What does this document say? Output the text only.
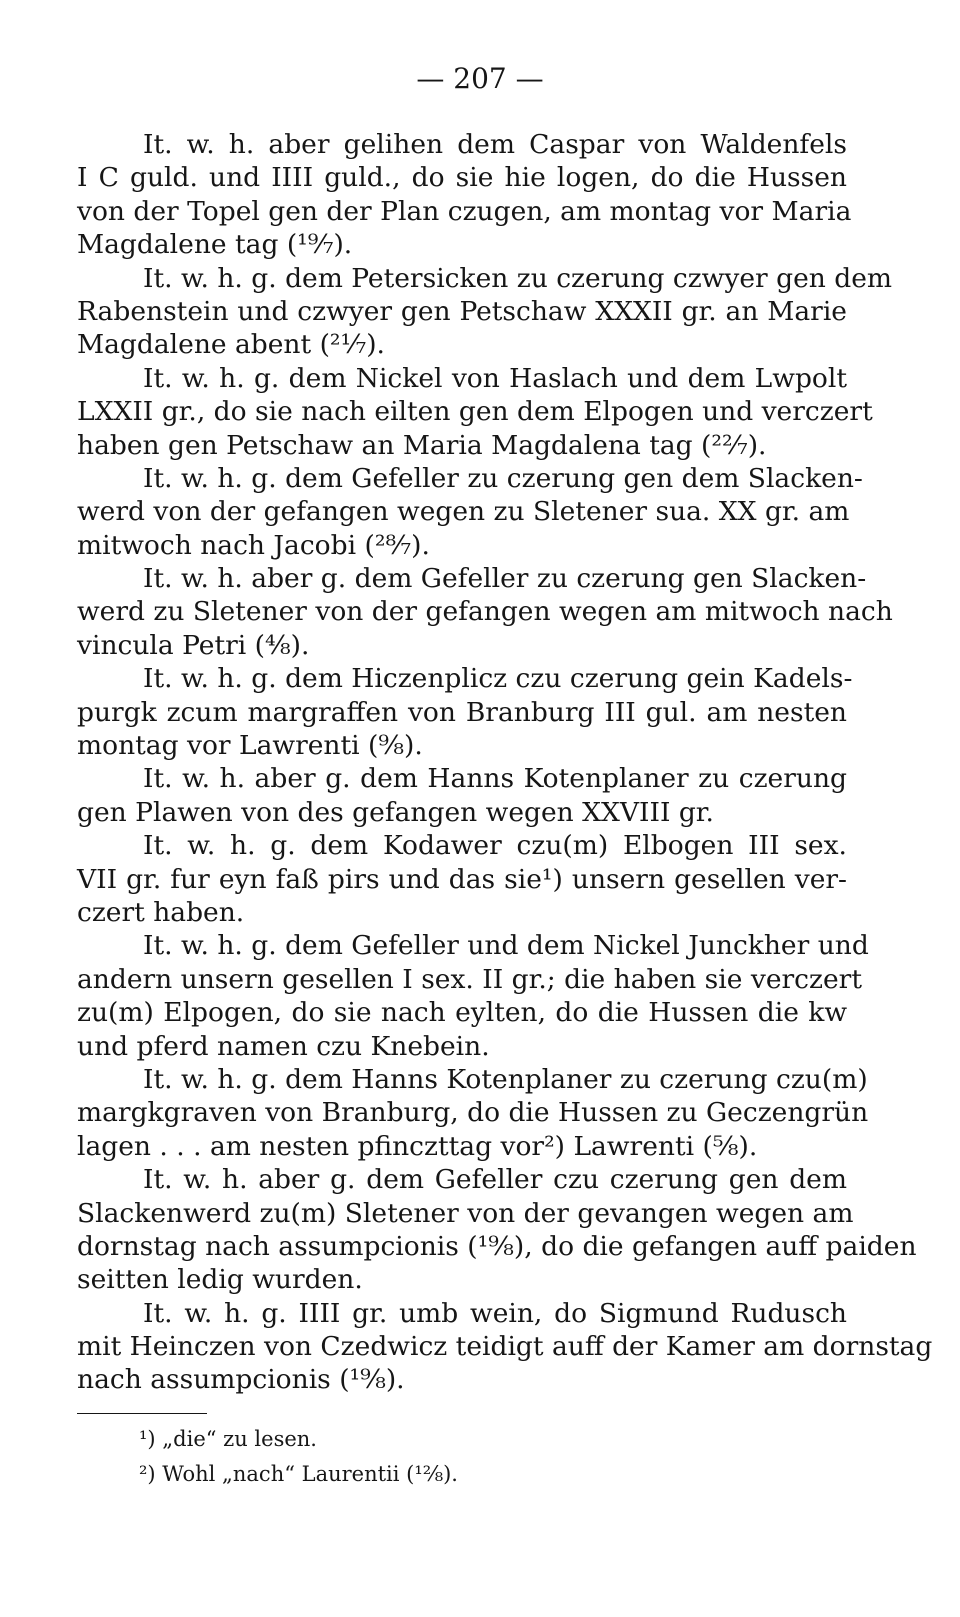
— 207 —
It. w. h. aber gelihen dem Caspar von Waldenfels
I C guld. und IIII guld., do sie hie logen, do die Hussen
von der Topel gen der Plan czugen, am montag vor Maria
Magdalene tag (¹⁹⁄₇).
It. w. h. g. dem Petersicken zu czerung czwyer gen dem
Rabenstein und czwyer gen Petschaw XXXII gr. an Marie
Magdalene abent (²¹⁄₇).
It. w. h. g. dem Nickel von Haslach und dem Lwpolt
LXXII gr., do sie nach eilten gen dem Elpogen und verczert
haben gen Petschaw an Maria Magdalena tag (²²⁄₇).
It. w. h. g. dem Gefeller zu czerung gen dem Slacken-
werd von der gefangen wegen zu Sletener sua. XX gr. am
mitwoch nach Jacobi (²⁸⁄₇).
It. w. h. aber g. dem Gefeller zu czerung gen Slacken-
werd zu Sletener von der gefangen wegen am mitwoch nach
vincula Petri (⁴⁄₈).
It. w. h. g. dem Hiczenplicz czu czerung gein Kadels-
purgk zcum margraffen von Branburg III gul. am nesten
montag vor Lawrenti (⁹⁄₈).
It. w. h. aber g. dem Hanns Kotenplaner zu czerung
gen Plawen von des gefangen wegen XXVIII gr.
It. w. h. g. dem Kodawer czu(m) Elbogen III sex.
VII gr. fur eyn faß pirs und das sie¹) unsern gesellen ver-
czert haben.
It. w. h. g. dem Gefeller und dem Nickel Junckher und
andern unsern gesellen I sex. II gr.; die haben sie verczert
zu(m) Elpogen, do sie nach eylten, do die Hussen die kw
und pferd namen czu Knebein.
It. w. h. g. dem Hanns Kotenplaner zu czerung czu(m)
margkgraven von Branburg, do die Hussen zu Geczengrün
lagen . . . am nesten pfinczttag vor²) Lawrenti (⁵⁄₈).
It. w. h. aber g. dem Gefeller czu czerung gen dem
Slackenwerd zu(m) Sletener von der gevangen wegen am
dornstag nach assumpcionis (¹⁹⁄₈), do die gefangen auff paiden
seitten ledig wurden.
It. w. h. g. IIII gr. umb wein, do Sigmund Rudusch
mit Heinczen von Czedwicz teidigt auff der Kamer am dornstag
nach assumpcionis (¹⁹⁄₈).
¹) „die“ zu lesen.
²) Wohl „nach“ Laurentii (¹²⁄₈).
